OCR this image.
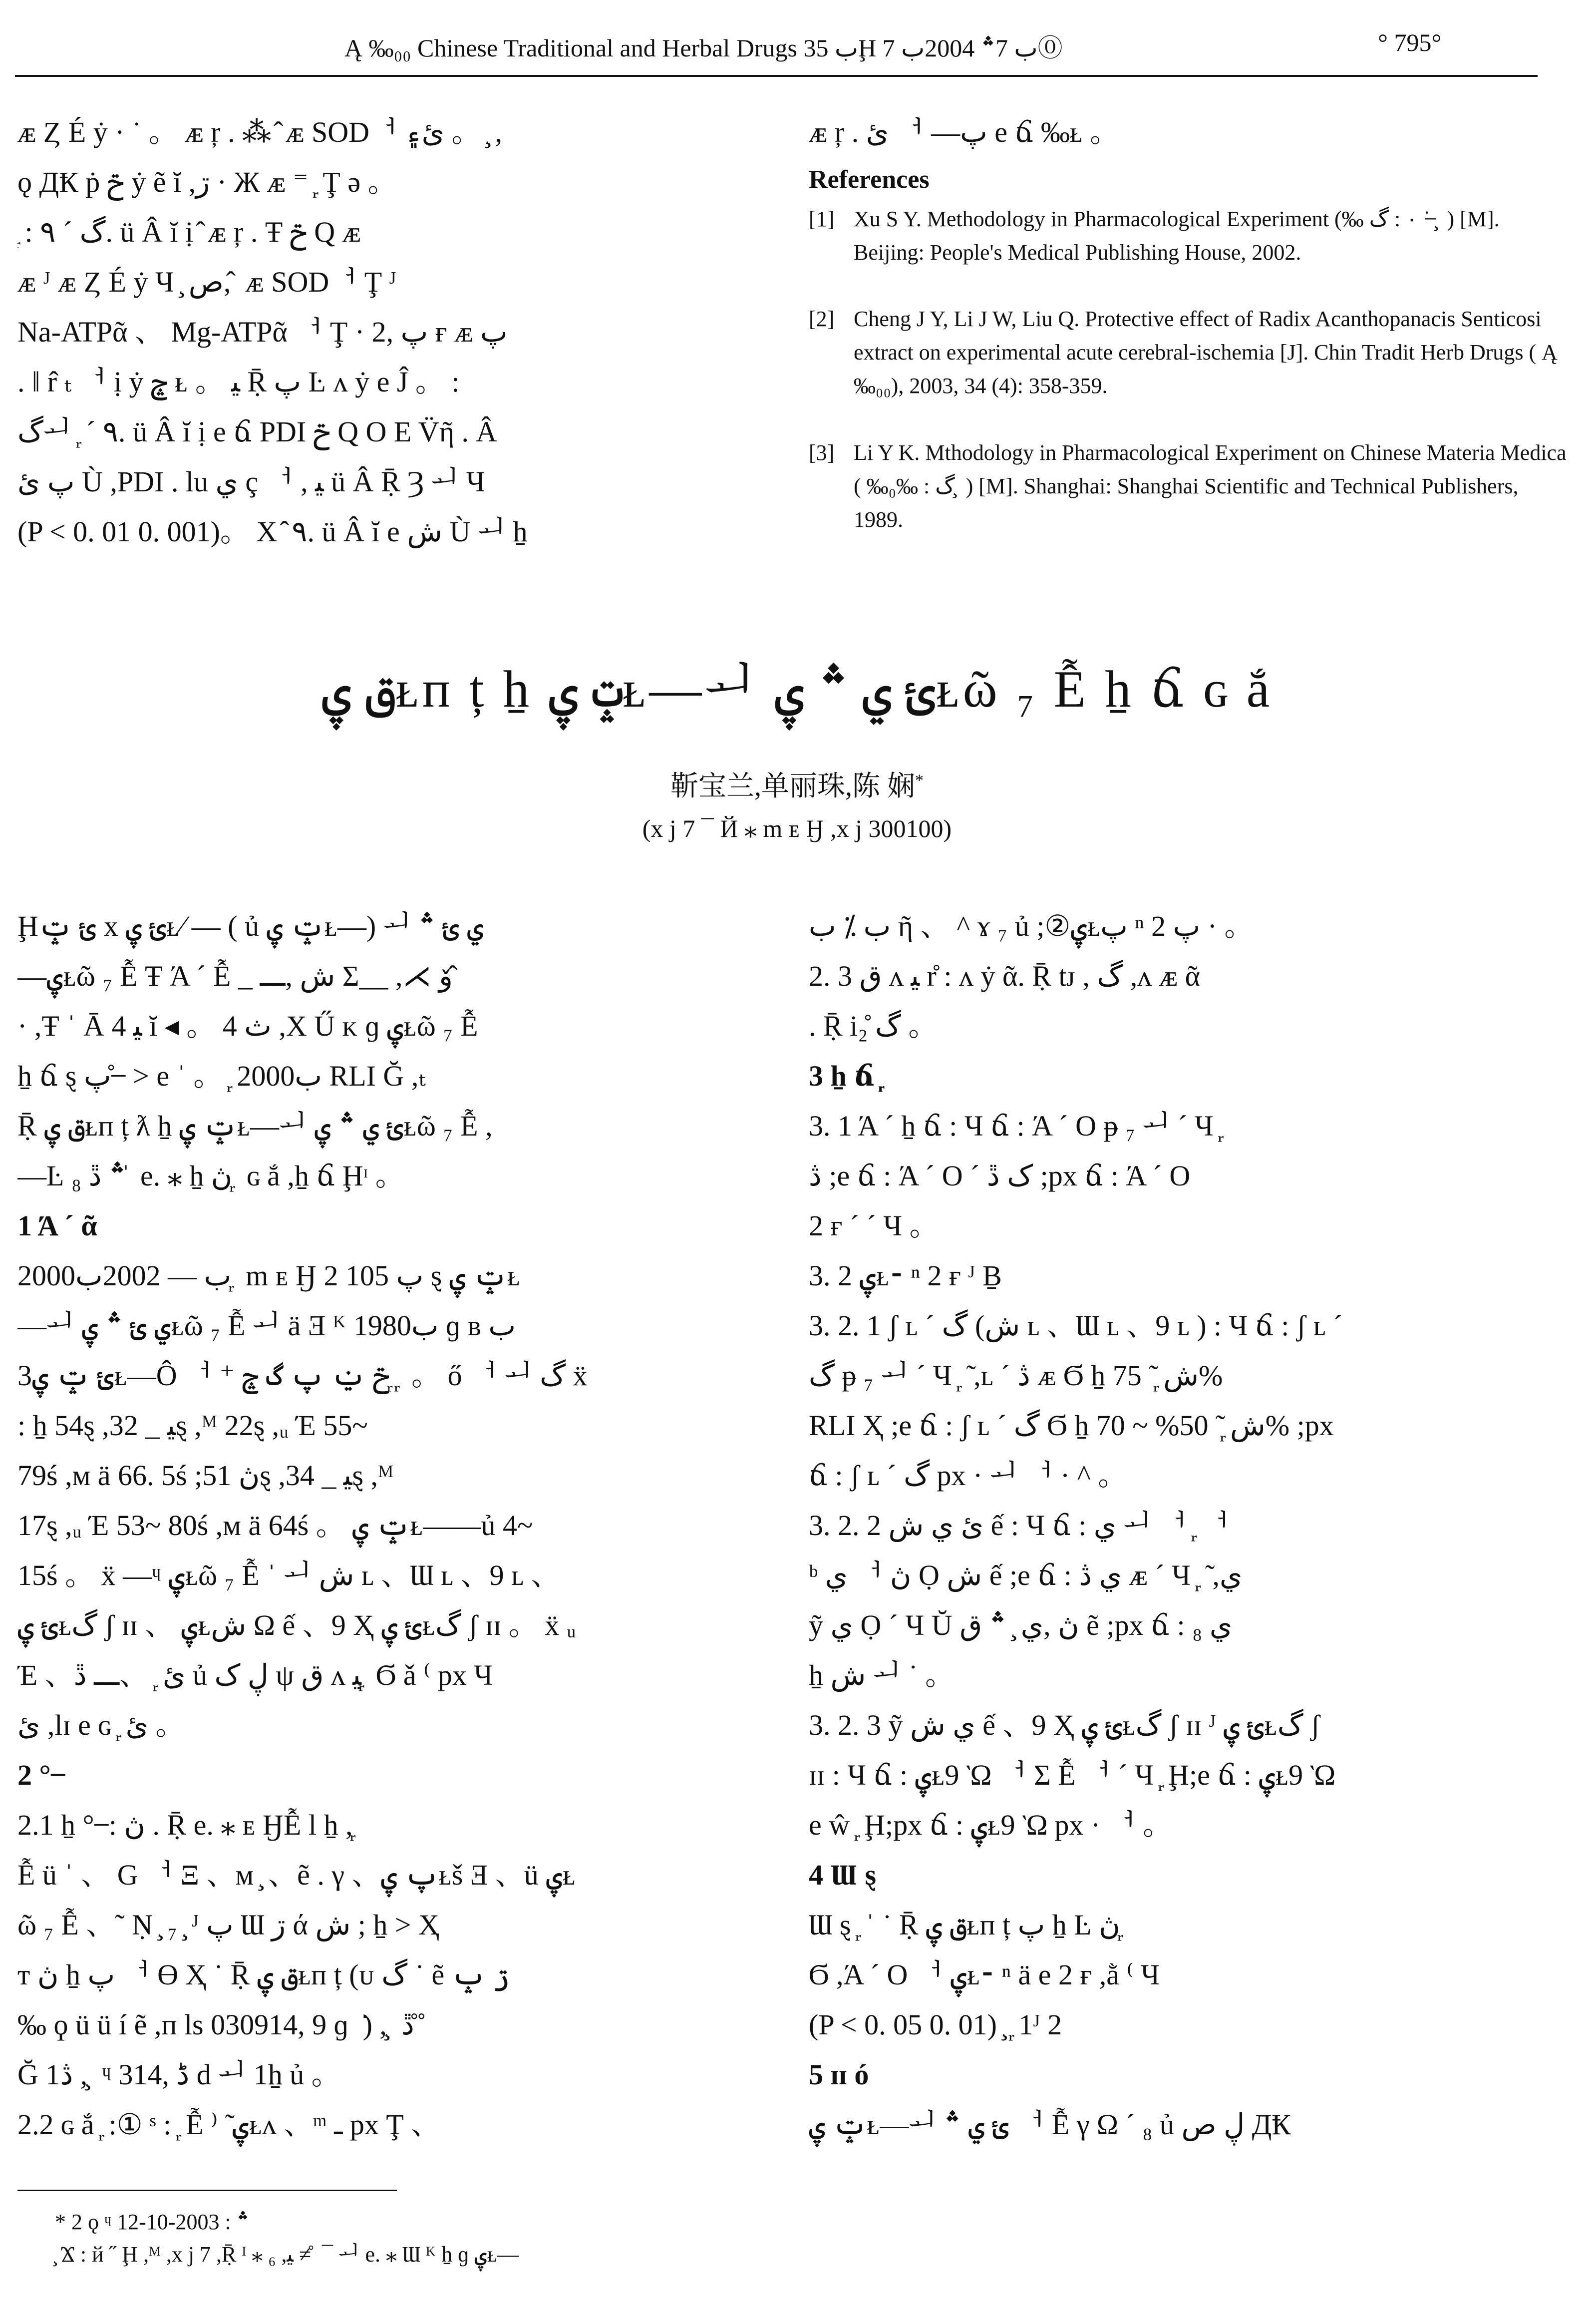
Ą ‰₀₀ Chinese Traditional and Herbal Drugs ب 35Ḩ ب 7؞ 2004ب 7⓪	° 795°
ᴁ Ȥ É ẏ · ˙ 。 ᴁ ŗ . ⁂ ̂ ᴁ SODᅥ ئ۽ 。 ̧ ,
ǫ ДҞ ṗ ݗ ẏ ẽ ĭ ,ڗ · Ж ᴁ ⁼ ᷊ Ţ ә 。
᷊ : گ ˊ ٩. ü Â ĭ ị ̂ ᴁ ŗ . Ŧ ݗ Q ᴁ
ᴁ ᴶ ᴁ Ȥ É ẏ Ч ̧ ص, ̂ ᴁ SODᅥ Ţ ᴶ
Na-ATPᾶ 、 Mg-ATPᾶ ᅥ Ţ · پ ,2 ғ ᴁ پ
. ‖ r̂ ₜ ᅥ ị ẏ ݘ ᴌ 。 ﯿ Ṝ پ Ŀ ᴧ ẏ e Ĵ 。 :
گᅬ ᷊ ˊ ٩. ü Â ĭ ị e ճ PDI ݗ Q O E V̈ῆ . Â
پ ئ Ù ,PDI . ӏu ي ç ᅥ , ﯿ ü Â Ṝ Ȝ ᅬ Ч
(P < 0. 01 0. 001)。 X ̂ ٩. ü Â ĭ e ش Ù ᅬ ẖ
ᴁ ŗ . ئ ᅥ —پ e ճ ‰ᴌ 。
References
[1] Xu S Y. Methodology in Pharmacological Experiment (‰ ٠ : گ ˙ ̶ ̧ ) [M]. Beijing: People's Medical Publishing House, 2002.
[2] Cheng J Y, Li J W, Liu Q. Protective effect of Radix Acanthopanacis Senticosi extract on experimental acute cerebral-ischemia [J]. Chin Tradit Herb Drugs ( Ą ‰₀₀), 2003, 34 (4): 358-359.
[3] Li Y K. Mthodology in Pharmacological Experiment on Chinese Materia Medica ( ‰₀‰ : گ ̧ ) [M]. Shanghai: Shanghai Scientific and Technical Publishers, 1989.
ق ۑᴌᴨ ț ẖ ݓ ۑᴌ—ᅬ ئ ي ؞ ۑᴌῶ ₇ Ễ ẖ ճ ɢ ắ
靳宝兰,单丽珠,陈 娴*
(x j 7 ¯ Й ⁎ m ᴇ Ӈ ,x j 300100)
Ḩئ ݓ x ئ ۑᴌ⁄ — ( ủ ݓ ۑᴌ—) ᅬ ي ئ ؞
—ۑᴌῶ ₇ Ễ Ŧ Ά ˊ Ễ _ ش ,ـــ Σ__ ,⋌ ۆ ̂
· ,Ŧ ˈ Ā ﯿ 4 ĭ ◂ 。 4 ث ,X Ű ᴋ ɡ ۑᴌῶ ₇ Ễ
ẖ ճ ȿ پ ̊ ̶ > e ˈ 。 ᷊ 2000ب RLI Ğ ,ₜ
Ṝ ق ۑᴌᴨ ț ƛ ẖ ݓ ۑᴌ—ᅬ ئ ي ؞ ۑᴌῶ ₇ Ễ ,
—Ŀ ₈ ؞ ڐ ̍ e. ⁎ ẖ ڽ ᷊ ɢ ắ ,ẖ ճ Ḩᶦ 。
1 Ά ˊ ᾶ
2000ب — 2002ب ᷊ m ᴇ Ӈ 2 پ 105 ȿ ݓ ۑᴌ
—ᅬ ي ئ ؞ ۑᴌῶ ₇ Ễ ᅬ ä Ǝ ᴷ 1980ب ɡ ʙ ب
3ئ ݓ ۑᴌ—Ô ᅥ ⁺ ݗ ݔ پ گ ݘ ᷊ ᷊ 。 ő ᅥ ᅬ گ ẍ
: ẖ 54ȿ ,ﯿ _ 32ȿ ,ᴹ 22ȿ ,ᵤ Έ 55~
79ś ,ᴍ ä 66. 5ś ;ڽ 51ȿ ,ﯿ _ 34ȿ ,ᴹ
17ȿ ,ᵤ Έ 53~ 80ś ,ᴍ ä 64ś 。 ݓ ۑᴌ——ủ 4~
15ś 。 ẍ —ᶣ ۑᴌῶ ₇ Ễ ˈ ᅬ ش ʟ 、Ɯ ʟ 、9 ʟ 、
ئ ۑᴌگ ʃ ɪɪ 、 ۑᴌش Ω ế 、9 Ҳ ئ ۑᴌگ ʃ ɪɪ 。 ẍ ᵤ
Έ 、ئ ᷊ 、ـــ ڐ ủ ڸ ک ψ ق ᴧ ﯿ ᷊ Ϭ ǎ ⁽ px Ч
ئ ,ӏɪ e ɢ ᷊ ئ 。
2 ° ̶
2.1 ẖ ° ̶ : ڽ . Ṝ e. ⁎ ᴇ ӇỄ l ẖ ,᷊
Ễ ü ˈ 、 G ᅥ Ξ 、ᴍ ̧ 、ẽ . γ 、پ ۑᴌš Ǝ 、ü ۑᴌ
ῶ ₇ Ễ 、˜ Ṇ ̧ ₇ ̧ ᴶ پ Ɯ ڗ ά ش ; ẖ > Ҳ
т ڽ ẖ پ ᅥ ϴ Ҳ ˙ Ṝ ق ۑᴌᴨ ț (ᴜ گ ˙ ẽ ڗ ݒ
‰ ϙ ü ü í ẽ ,ᴨ ls 030914, 9 ɡ ݁ ) , ̧ ڐ ̊ ̊
Ğ 1ڎ , ̧ ᶣ 3ڈ ,14 d ᅬ 1ẖ ủ 。
2.2 ɢ ắ ᷊ :① ˢ : ᷊ Ễ ⁾ ̃ ۑᴌᴧ 、ᵐ ـ px Ţ 、
ب ⁒ ب ῆ 、 ^ ɤ ₇ ủ ;②ۑᴌپ ⁿ پ 2 · 。
2. 3 ق ᴧ ﯿ r̊ : ᴧ ẏ ᾶ. Ṝ tᴊ , گ ,ᴧ ᴁ ᾶ
. Ṝ i₂̊ گ 。
3 ẖ ճ ᷊
3. 1 Ά ˊ ẖ ճ : Ч ճ : Ά ˊ O ᵽ ₇ ᅬ ˊ Ч ᷊
ڎ ;e ճ : Ά ˊ O ˊ ک ڐ ;px ճ : Ά ˊ O
2 ғ ˊ ˊ Ч 。
3. 2 ۑᴌ⁃ ⁿ 2 ғ ᴶ Ḇ
3. 2. 1 ʃ ʟ ˊ گ (ش ʟ 、Ɯ ʟ 、9 ʟ ) : Ч ճ : ʃ ʟ ˊ
گ ᵽ ₇ ᅬ ˊ Ч ᷊ ̃ ,ʟ ˊ ڎ ᴁ Ϭ ẖ ش ᷊ ̃ 75%
RLI Ҳ ;e ճ : ʃ ʟ ˊ گ Ϭ ẖ ش ᷊ ̃ 50% ~ 70% ;px
ճ : ʃ ʟ ˊ گ px · ᅬ ᅥ · ^ 。
3. 2. 2 ئ ي ش ế : Ч ճ : ي ᅬ ᅥ ᷊ ᅥ
ᵇ ي ᅥ ڽ Ọ ش ế ;e ճ : ي ڎ ᴁ ˊ Ч ᷊ ̃ ,ي
ỹ ي Ọ ˊ Ч Ŭ ڽ ,ي ̧ ؞ ق ẽ ;px ճ : ي ₈
ẖ ش ᅬ ˙ 。
3. 2. 3 ỹ ي ش ế 、9 Ҳ ئ ۑᴌگ ʃ ɪɪ ᴶ ئ ۑᴌگ ʃ
ɪɪ : Ч ճ : ۑᴌ9 Ὼ ᅥ Σ Ễ ᅥ ˊ Ч ᷊ Ḩ;e ճ : ۑᴌ9 Ὼ
e ŵ ᷊ Ḩ;px ճ : ۑᴌ9 Ὼ px · ᅥ 。
4 Ɯ ȿ
Ɯ ȿ ᷊ ˈ ˙ Ṝ ق ۑᴌᴨ ț پ ẖ Ŀ ڽ ᷊
Ϭ ,Ά ˊ O ᅥ ۑᴌ⁃ ⁿ ä e 2 ғ ,ằ ⁽ Ч
(P < 0. 05 0. 01) ̧ ᷊ 1ᴶ 2
5 ɪɪ ó
ݓ ۑᴌ—ᅬ ئ ي ؞ ᅥ Ễ γ Ω ˊ ₈ ủ ڸ ص ДҞ
* 2 ǫ ᶣ ؞ : 2003-10-12
̧ Ϫ : й ˝ Ḩ ,ᴹ ,x j 7 ,Ṝ ᴵ ⁎ ₆ ,ﯿ ≠ ̊ ¯ ᅬ e. ⁎ Ɯ ᴷ ẖ ɡ ۑᴌ—
